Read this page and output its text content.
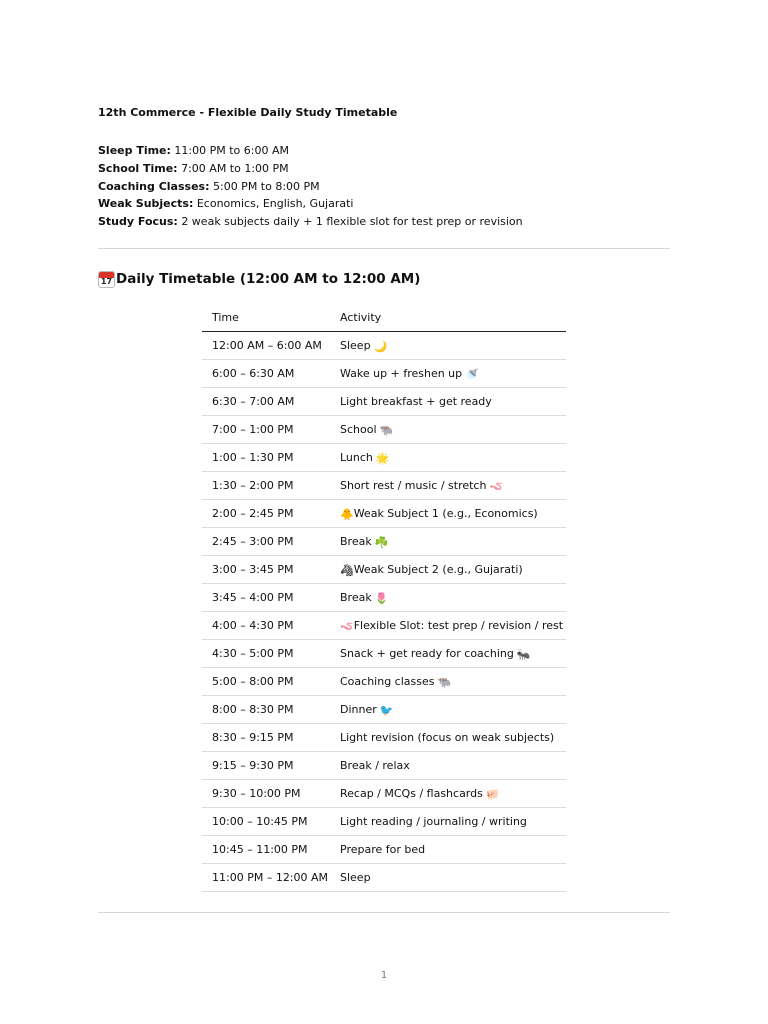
12th Commerce - Flexible Daily Study Timetable
Sleep Time: 11:00 PM to 6:00 AM
School Time: 7:00 AM to 1:00 PM
Coaching Classes: 5:00 PM to 8:00 PM
Weak Subjects: Economics, English, Gujarati
Study Focus: 2 weak subjects daily + 1 flexible slot for test prep or revision
17 Daily Timetable (12:00 AM to 12:00 AM)
Time	Activity
12:00 AM – 6:00 AM	Sleep 🌙
6:00 – 6:30 AM	Wake up + freshen up 🚿
6:30 – 7:00 AM	Light breakfast + get ready
7:00 – 1:00 PM	School 🐃
1:00 – 1:30 PM	Lunch 🌟
1:30 – 2:00 PM	Short rest / music / stretch 🪱
2:00 – 2:45 PM	🐥Weak Subject 1 (e.g., Economics)
2:45 – 3:00 PM	Break ☘️
3:00 – 3:45 PM	🦓Weak Subject 2 (e.g., Gujarati)
3:45 – 4:00 PM	Break 🌷
4:00 – 4:30 PM	🪱Flexible Slot: test prep / revision / rest
4:30 – 5:00 PM	Snack + get ready for coaching 🐜
5:00 – 8:00 PM	Coaching classes 🐃
8:00 – 8:30 PM	Dinner 🐦
8:30 – 9:15 PM	Light revision (focus on weak subjects)
9:15 – 9:30 PM	Break / relax
9:30 – 10:00 PM	Recap / MCQs / flashcards 🐖
10:00 – 10:45 PM	Light reading / journaling / writing
10:45 – 11:00 PM	Prepare for bed
11:00 PM – 12:00 AM	Sleep
1
